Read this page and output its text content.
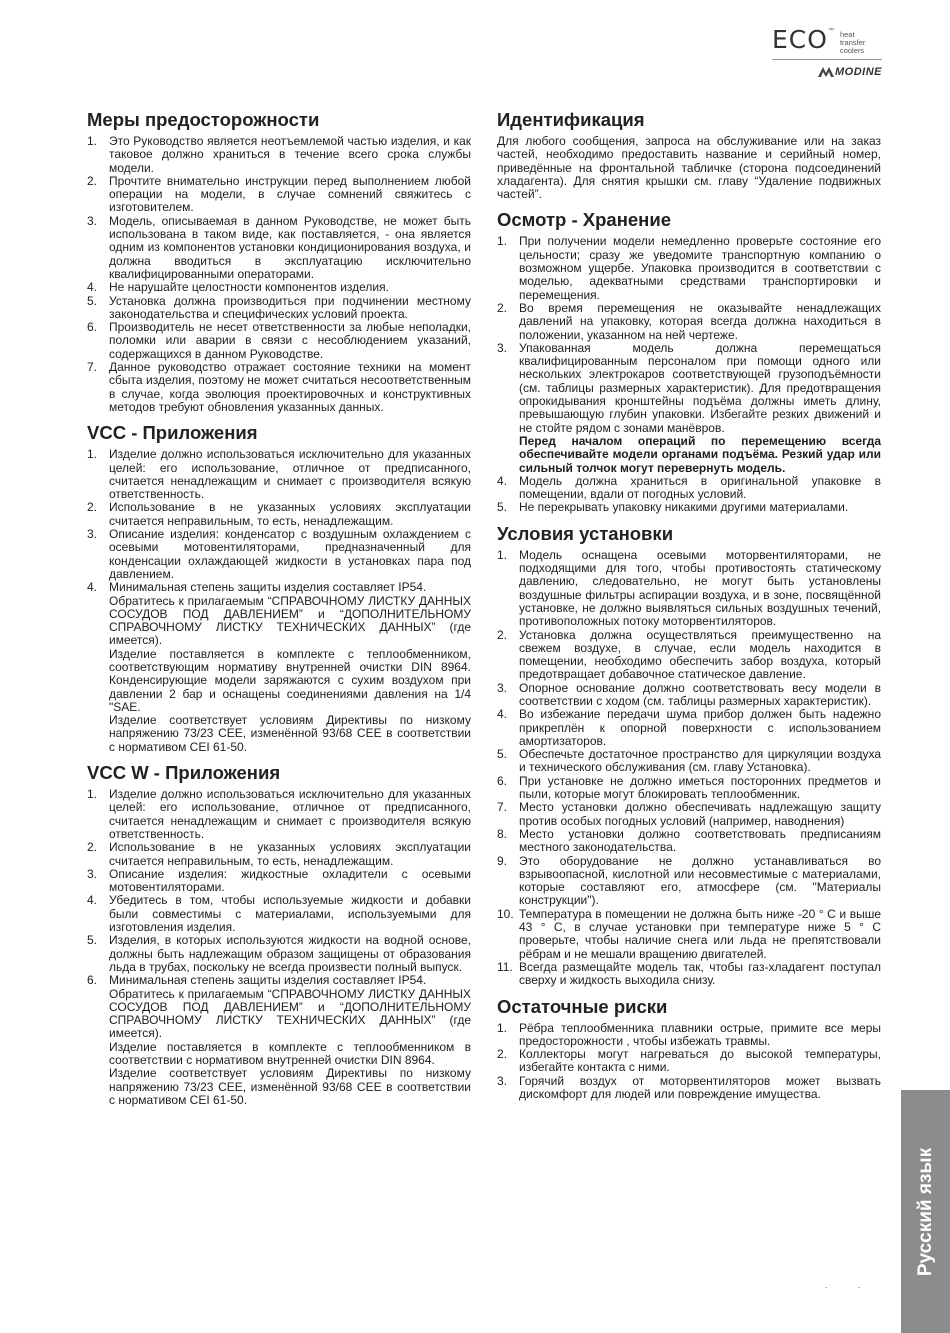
ECO ™ heat transfer coolers
MODINE
Меры предосторожности
1. Это Руководство является неотъемлемой частью изделия, и как таковое должно храниться в течение всего срока службы модели.
2. Прочтите внимательно инструкции перед выполнением любой операции на модели, в случае сомнений свяжитесь с изготовителем.
3. Модель, описываемая в данном Руководстве, не может быть использована в таком виде, как поставляется, - она является одним из компонентов установки кондиционирования воздуха, и должна вводиться в эксплуатацию исключительно квалифицированными операторами.
4. Не нарушайте целостности компонентов изделия.
5. Установка должна производиться при подчинении местному законодательства и специфических условий проекта.
6. Производитель не несет ответственности за любые неполадки, поломки или аварии в связи с несоблюдением указаний, содержащихся в данном Руководстве.
7. Данное руководство отражает состояние техники на момент сбыта изделия, поэтому не может считаться несоответственным в случае, когда эволюция проектировочных и конструктивных методов требуют обновления указанных данных.
VCC - Приложения
1. Изделие должно использоваться исключительно для указанных целей: его использование, отличное от предписанного, считается ненадлежащим и снимает с производителя всякую ответственность.
2. Использование в не указанных условиях эксплуатации считается неправильным, то есть, ненадлежащим.
3. Описание изделия: конденсатор с воздушным охлаждением с осевыми мотовентиляторами, предназначенный для конденсации охлаждающей жидкости в установках пара под давлением.
4. Минимальная степень защиты изделия составляет IP54.
Обратитесь к прилагаемым “СПРАВОЧНОМУ ЛИСТКУ ДАННЫХ СОСУДОВ ПОД ДАВЛЕНИЕМ” и “ДОПОЛНИТЕЛЬНОМУ СПРАВОЧНОМУ ЛИСТКУ ТЕХНИЧЕСКИХ ДАННЫХ” (где имеется).
Изделие поставляется в комплекте с теплообменником, соответствующим нормативу внутренней очистки DIN 8964. Конденсирующие модели заряжаются с сухим воздухом при давлении 2 бар и оснащены соединениями давления на 1/4 "SAE.
Изделие соответствует условиям Директивы по низкому напряжению 73/23 CEE, изменённой 93/68 CEE в соответствии с нормативом CEI 61-50.
VCC W - Приложения
1. Изделие должно использоваться исключительно для указанных целей: его использование, отличное от предписанного, считается ненадлежащим и снимает с производителя всякую ответственность.
2. Использование в не указанных условиях эксплуатации считается неправильным, то есть, ненадлежащим.
3. Описание изделия: жидкостные охладители с осевыми мотовентиляторами.
4. Убедитесь в том, чтобы используемые жидкости и добавки были совместимы с материалами, используемыми для изготовления изделия.
5. Изделия, в которых используются жидкости на водной основе, должны быть надлежащим образом защищены от образования льда в трубах, поскольку не всегда произвести полный выпуск.
6. Минимальная степень защиты изделия составляет IP54.
Обратитесь к прилагаемым “СПРАВОЧНОМУ ЛИСТКУ ДАННЫХ СОСУДОВ ПОД ДАВЛЕНИЕМ” и “ДОПОЛНИТЕЛЬНОМУ СПРАВОЧНОМУ ЛИСТКУ ТЕХНИЧЕСКИХ ДАННЫХ” (где имеется).
Изделие поставляется в комплекте с теплообменником в соответствии с нормативом внутренней очистки DIN 8964.
Изделие соответствует условиям Директивы по низкому напряжению 73/23 CEE, изменённой 93/68 CEE в соответствии с нормативом CEI 61-50.
Идентификация

Для любого сообщения, запроса на обслуживание или на заказ частей, необходимо предоставить название и серийный номер, приведённые на фронтальной табличке (сторона подсоединений хладагента). Для снятия крышки см. главу “Удаление подвижных частей”.

Осмотр - Хранение
1. При получении модели немедленно проверьте состояние его цельности; сразу же уведомите транспортную компанию о возможном ущербе. Упаковка производится в соответствии с моделью, адекватными средствами транспортировки и перемещения.
2. Во время перемещения не оказывайте ненадлежащих давлений на упаковку, которая всегда должна находиться в положении, указанном на ней чертеже.
3. Упакованная модель должна перемещаться квалифицированным персоналом при помощи одного или нескольких электрокаров соответствующей грузоподъёмности (см. таблицы размерных характеристик). Для предотвращения опрокидывания кронштейны подъёма должны иметь длину, превышающую глубин упаковки. Избегайте резких движений и не стойте рядом с зонами манёвров.
Перед началом операций по перемещению всегда обеспечивайте модели органами подъёма. Резкий удар или сильный толчок могут перевернуть модель.
4. Модель должна храниться в оригинальной упаковке в помещении, вдали от погодных условий.
5. Не перекрывать упаковку никакими другими материалами.
Условия установки
1. Модель оснащена осевыми моторвентиляторами, не подходящими для того, чтобы противостоять статическому давлению, следовательно, не могут быть установлены воздушные фильтры аспирации воздуха, и в зоне, посвящённой установке, не должно выявляться сильных воздушных течений, противоположных потоку моторвентиляторов.
2. Установка должна осуществляться преимущественно на свежем воздухе, в случае, если модель находится в помещении, необходимо обеспечить забор воздуха, который предотвращает добавочное статическое давление.
3. Опорное основание должно соответствовать весу модели в соответствии с ходом (см. таблицы размерных характеристик).
4. Во избежание передачи шума прибор должен быть надежно прикреплён к опорной поверхности с использованием амортизаторов.
5. Обеспечьте достаточное пространство для циркуляции воздуха и технического обслуживания (см. главу Установка).
6. При установке не должно иметься посторонних предметов и пыли, которые могут блокировать теплообменник.
7. Место установки должно обеспечивать надлежащую защиту против особых погодных условий (например, наводнения)
8. Место установки должно соответствовать предписаниям местного законодательства.
9. Это оборудование не должно устанавливаться во взрывоопасной, кислотной или несовместимые с материалами, которые составляют его, атмосфере (см. "Материалы конструкции").
10. Температура в помещении не должна быть ниже -20 ° C и выше 43 ° C, в случае установки при температуре ниже 5 ° C проверьте, чтобы наличие снега или льда не препятствовали рёбрам и не мешали вращению двигателей.
11. Всегда размещайте модель так, чтобы газ-хладагент поступал сверху и жидкость выходила снизу.
Остаточные риски
1. Рёбра теплообменника плавники острые, примите все меры предосторожности , чтобы избежать травмы.
2. Коллекторы могут нагреваться до высокой температуры, избегайте контакта с ними.
3. Горячий воздух от моторвентиляторов может вызвать дискомфорт для людей или повреждение имущества.
Русский язык
. .
